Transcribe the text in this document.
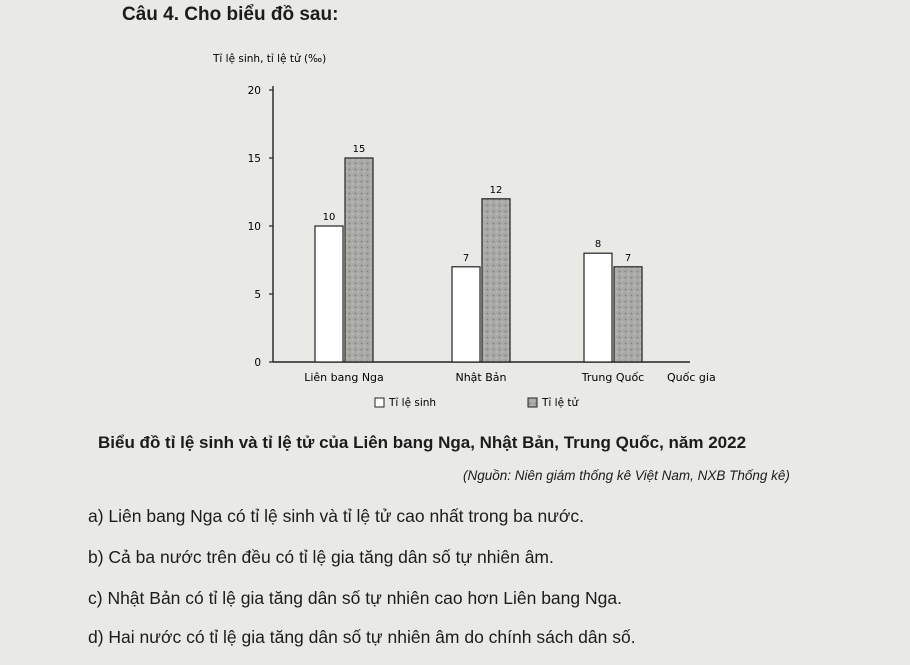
Câu 4. Cho biểu đồ sau:
Tỉ lệ sinh, tỉ lệ tử (‰)
Quốc gia
0
5
10
15
20
10
15
Liên bang Nga
7
12
Nhật Bản
8
7
Trung Quốc
Tỉ lệ sinh	Tỉ lệ tử
Biểu đồ tỉ lệ sinh và tỉ lệ tử của Liên bang Nga, Nhật Bản, Trung Quốc, năm 2022
(Nguồn: Niên giám thống kê Việt Nam, NXB Thống kê)
a) Liên bang Nga có tỉ lệ sinh và tỉ lệ tử cao nhất trong ba nước.
b) Cả ba nước trên đều có tỉ lệ gia tăng dân số tự nhiên âm.
c) Nhật Bản có tỉ lệ gia tăng dân số tự nhiên cao hơn Liên bang Nga.
d) Hai nước có tỉ lệ gia tăng dân số tự nhiên âm do chính sách dân số.
